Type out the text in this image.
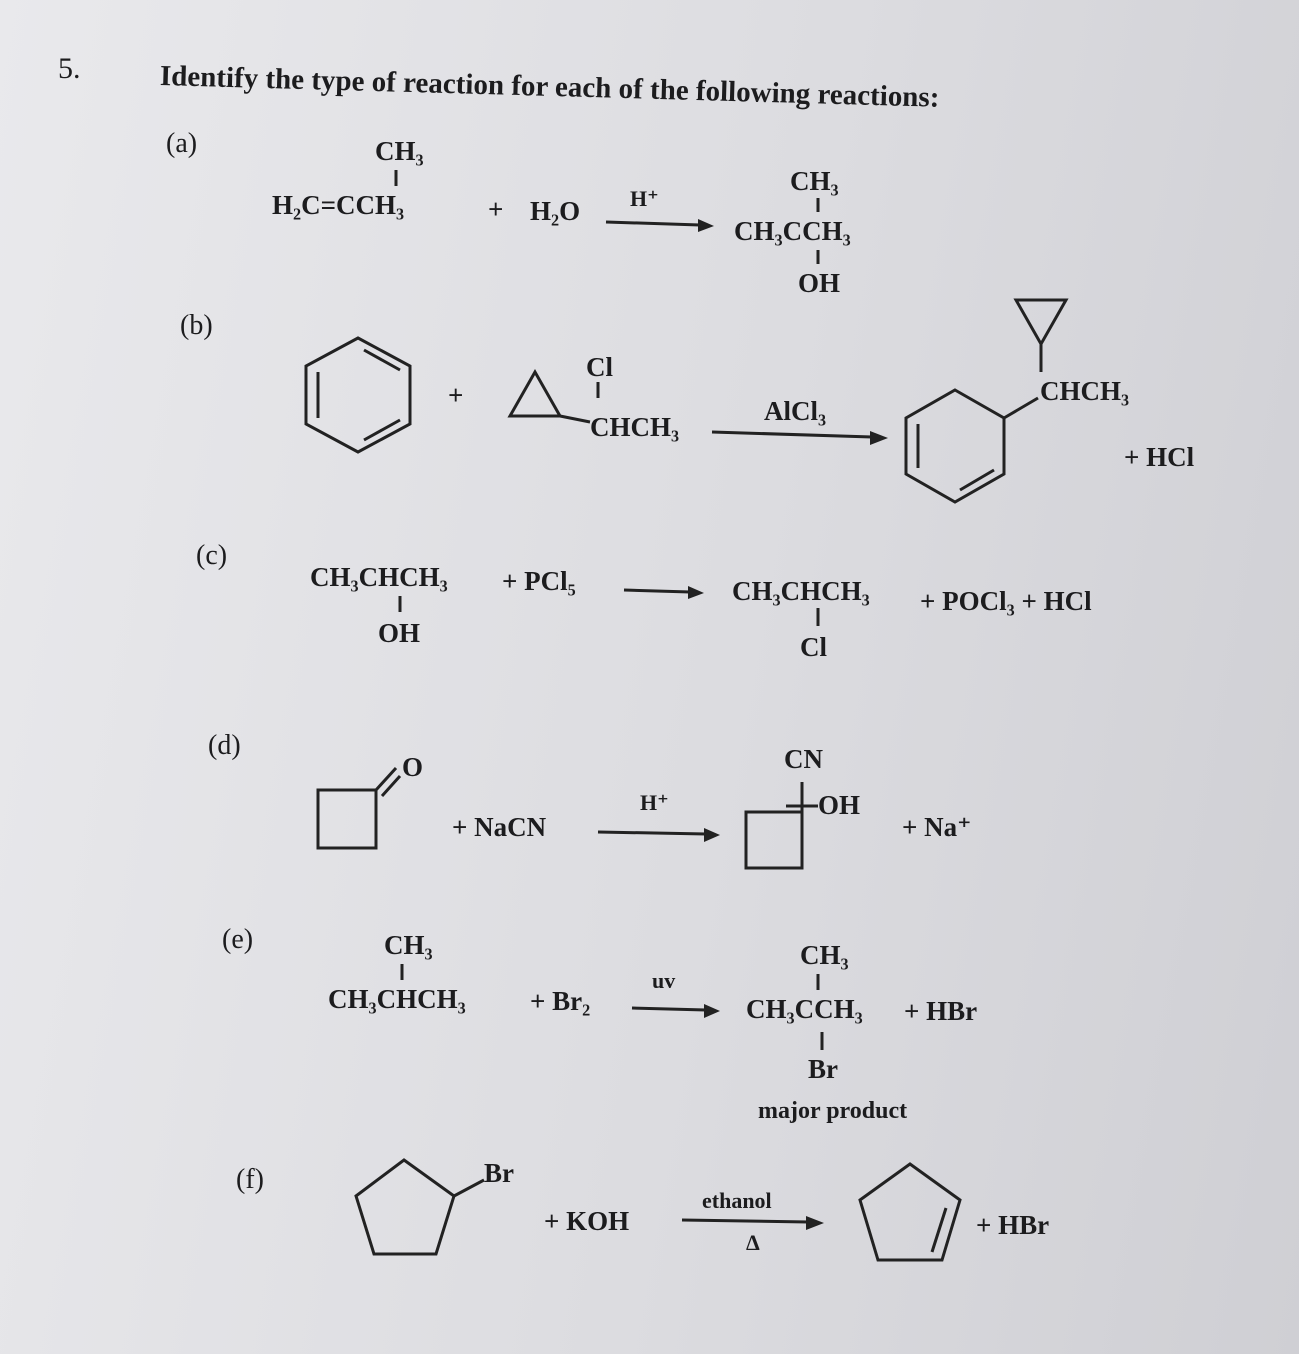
5.	Identify the type of reaction for each of the following reactions:
(a)	CH₃
H₂C=CCH₃	+ H₂O H⁺
CH₃
CH₃CCH₃
OH
(b)
+
Cl
CHCH₃
AlCl₃
CHCH₃
+ HCl
(c)
CH₃CHCH₃
OH
+ PCl₅	CH₃CHCH₃
Cl
+ POCl₃ + HCl
(d)
O
+ NaCN
H⁺
CN
OH
+ Na⁺
(e)	CH₃
CH₃CHCH₃ + Br₂
uv
CH₃
CH₃CCH₃ + HBr
Br
major product
(f)	Br
+ KOH
ethanol
Δ
+ HBr
